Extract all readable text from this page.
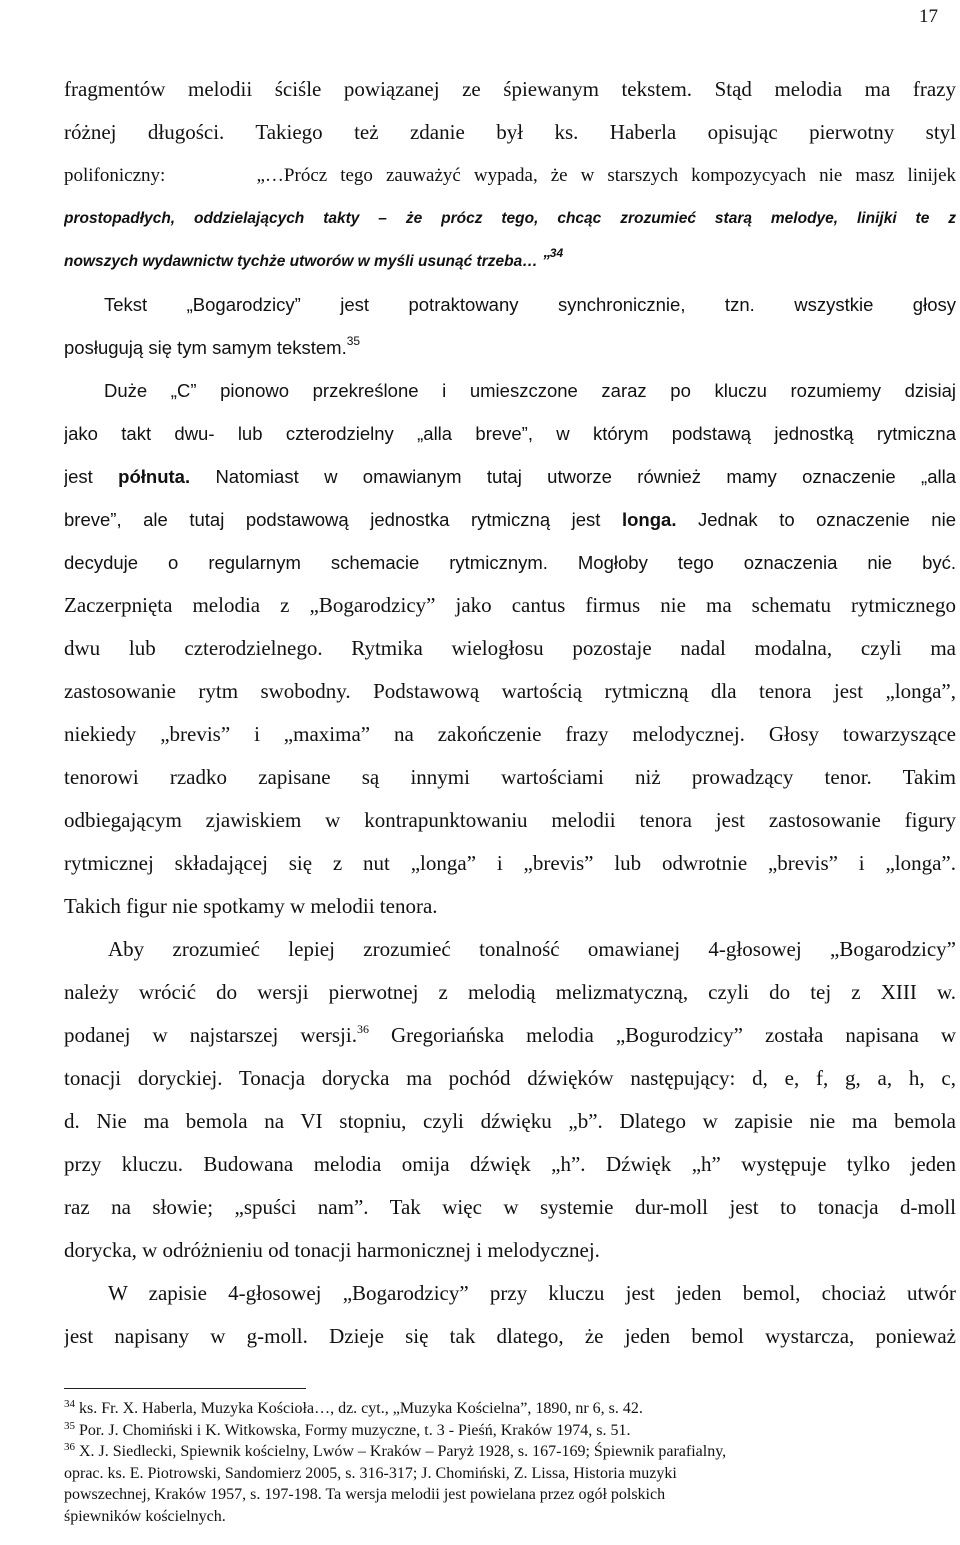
17
fragmentów melodii ściśle powiązanej ze śpiewanym tekstem. Stąd melodia ma frazy
różnej długości. Takiego też zdanie był ks. Haberla opisując pierwotny styl
polifoniczny:       „…Prócz tego zauważyć wypada, że w starszych kompozycyach nie masz linijek
prostopadłych, oddzielających takty – że prócz tego, chcąc zrozumieć starą melodye, linijki te z
nowszych wydawnictw tychże utworów w myśli usunąć trzeba… ”$^{34}$
Tekst „Bogarodzicy” jest potraktowany synchronicznie, tzn. wszystkie głosy
posługują się tym samym tekstem.$^{35}$
Duże „C” pionowo przekreślone i umieszczone zaraz po kluczu rozumiemy dzisiaj
jako takt dwu- lub czterodzielny „alla breve”, w którym podstawą jednostką rytmiczna
jest półnuta. Natomiast w omawianym tutaj utworze również mamy oznaczenie „alla
breve”, ale tutaj podstawową jednostka rytmiczną jest longa. Jednak to oznaczenie nie
decyduje o regularnym schemacie rytmicznym. Mogłoby tego oznaczenia nie być.
Zaczerpnięta melodia z „Bogarodzicy” jako cantus firmus nie ma schematu rytmicznego
dwu lub czterodzielnego. Rytmika wielogłosu pozostaje nadal modalna, czyli ma
zastosowanie rytm swobodny. Podstawową wartością rytmiczną dla tenora jest „longa”,
niekiedy „brevis” i „maxima” na zakończenie frazy melodycznej. Głosy towarzyszące
tenorowi rzadko zapisane są innymi wartościami niż prowadzący tenor. Takim
odbiegającym zjawiskiem w kontrapunktowaniu melodii tenora jest zastosowanie figury
rytmicznej składającej się z nut „longa” i „brevis” lub odwrotnie „brevis” i „longa”.
Takich figur nie spotkamy w melodii tenora.
Aby zrozumieć lepiej zrozumieć tonalność omawianej 4-głosowej „Bogarodzicy”
należy wrócić do wersji pierwotnej z melodią melizmatyczną, czyli do tej z XIII w.
podanej w najstarszej wersji.$^{36}$ Gregoriańska melodia „Bogurodzicy” została napisana w
tonacji doryckiej. Tonacja dorycka ma pochód dźwięków następujący: d, e, f, g, a, h, c,
d. Nie ma bemola na VI stopniu, czyli dźwięku „b”. Dlatego w zapisie nie ma bemola
przy kluczu. Budowana melodia omija dźwięk „h”. Dźwięk „h” występuje tylko jeden
raz na słowie; „spuści nam”. Tak więc w systemie dur-moll jest to tonacja d-moll
dorycka, w odróżnieniu od tonacji harmonicznej i melodycznej.
W zapisie 4-głosowej „Bogarodzicy” przy kluczu jest jeden bemol, chociaż utwór
jest napisany w g-moll. Dzieje się tak dlatego, że jeden bemol wystarcza, ponieważ
$^{34}$ ks. Fr. X. Haberla, Muzyka Kościoła…, dz. cyt., „Muzyka Kościelna”, 1890, nr 6, s. 42.
$^{35}$ Por. J. Chomiński i K. Witkowska, Formy muzyczne, t. 3 - Pieśń, Kraków 1974, s. 51.
$^{36}$ X. J. Siedlecki, Spiewnik kościelny, Lwów – Kraków – Paryż 1928, s. 167-169; Śpiewnik parafialny,
oprac. ks. E. Piotrowski, Sandomierz 2005, s. 316-317; J. Chomiński, Z. Lissa, Historia muzyki
powszechnej, Kraków 1957, s. 197-198. Ta wersja melodii jest powielana przez ogół polskich
śpiewników kościelnych.
